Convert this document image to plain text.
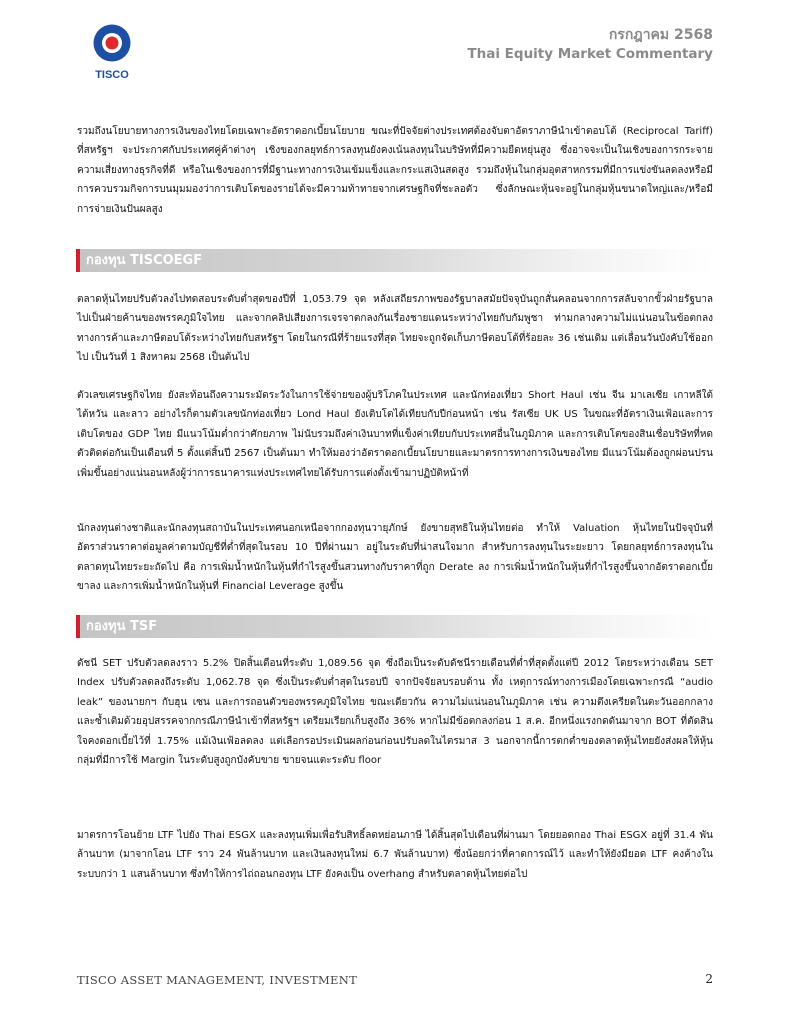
TISCO
กรกฎาคม 2568
Thai Equity Market Commentary

รวมถึงนโยบายทางการเงินของไทยโดยเฉพาะอัตราดอกเบี้ยนโยบาย ขณะที่ปัจจัยต่างประเทศต้องจับตาอัตราภาษีนำเข้าตอบโต้ (Reciprocal Tariff) ที่สหรัฐฯ จะประกาศกับประเทศคู่ค้าต่างๆ เชิงของกลยุทธ์การลงทุนยังคงเน้นลงทุนในบริษัทที่มีความยืดหยุ่นสูง ซึ่งอาจจะเป็นในเชิงของการกระจายความเสี่ยงทางธุรกิจที่ดี หรือในเชิงของการที่มีฐานะทางการเงินเข้มแข็งและกระแสเงินสดสูง รวมถึงหุ้นในกลุ่มอุตสาหกรรมที่มีการแข่งขันลดลงหรือมีการควบรวมกิจการบนมุมมองว่าการเติบโตของรายได้จะมีความท้าทายจากเศรษฐกิจที่ชะลอตัว ซึ่งลักษณะหุ้นจะอยู่ในกลุ่มหุ้นขนาดใหญ่และ/หรือมีการจ่ายเงินปันผลสูง

กองทุน TISCOEGF

ตลาดหุ้นไทยปรับตัวลงไปทดสอบระดับต่ำสุดของปีที่ 1,053.79 จุด หลังเสถียรภาพของรัฐบาลสมัยปัจจุบันถูกสั่นคลอนจากการสลับจากขั้วฝ่ายรัฐบาลไปเป็นฝ่ายค้านของพรรคภูมิใจไทย และจากคลิปเสียงการเจรจาตกลงกันเรื่องชายแดนระหว่างไทยกับกัมพูชา ท่ามกลางความไม่แน่นอนในข้อตกลงทางการค้าและภาษีตอบโต้ระหว่างไทยกับสหรัฐฯ โดยในกรณีที่ร้ายแรงที่สุด ไทยจะถูกจัดเก็บภาษีตอบโต้ที่ร้อยละ 36 เช่นเดิม แต่เลื่อนวันบังคับใช้ออกไป เป็นวันที่ 1 สิงหาคม 2568 เป็นต้นไป

ตัวเลขเศรษฐกิจไทย ยังสะท้อนถึงความระมัดระวังในการใช้จ่ายของผู้บริโภคในประเทศ และนักท่องเที่ยว Short Haul เช่น จีน มาเลเซีย เกาหลีใต้ ไต้หวัน และลาว อย่างไรก็ตามตัวเลขนักท่องเที่ยว Lond Haul ยังเติบโตได้เทียบกับปีก่อนหน้า เช่น รัสเซีย UK US ในขณะที่อัตราเงินเฟ้อและการเติบโตของ GDP ไทย มีแนวโน้มต่ำกว่าศักยภาพ ไม่นับรวมถึงค่าเงินบาทที่แข็งค่าเทียบกับประเทศอื่นในภูมิภาค และการเติบโตของสินเชื่อบริษัทที่หดตัวติดต่อกันเป็นเดือนที่ 5 ตั้งแต่สิ้นปี 2567 เป็นต้นมา ทำให้มองว่าอัตราดอกเบี้ยนโยบายและมาตรการทางการเงินของไทย มีแนวโน้มต้องถูกผ่อนปรนเพิ่มขึ้นอย่างแน่นอนหลังผู้ว่าการธนาคารแห่งประเทศไทยได้รับการแต่งตั้งเข้ามาปฏิบัติหน้าที่

นักลงทุนต่างชาติและนักลงทุนสถาบันในประเทศนอกเหนือจากกองทุนวายุภักษ์ ยังขายสุทธิในหุ้นไทยต่อ ทำให้ Valuation หุ้นไทยในปัจจุบันที่อัตราส่วนราคาต่อมูลค่าตามบัญชีที่ต่ำที่สุดในรอบ 10 ปีที่ผ่านมา อยู่ในระดับที่น่าสนใจมาก สำหรับการลงทุนในระยะยาว โดยกลยุทธ์การลงทุนในตลาดทุนไทยระยะถัดไป คือ การเพิ่มน้ำหนักในหุ้นที่กำไรสูงขึ้นสวนทางกับราคาที่ถูก Derate ลง การเพิ่มน้ำหนักในหุ้นที่กำไรสูงขึ้นจากอัตราดอกเบี้ยขาลง และการเพิ่มน้ำหนักในหุ้นที่ Financial Leverage สูงขึ้น

กองทุน TSF

ดัชนี SET ปรับตัวลดลงราว 5.2% ปิดสิ้นเดือนที่ระดับ 1,089.56 จุด ซึ่งถือเป็นระดับดัชนีรายเดือนที่ต่ำที่สุดตั้งแต่ปี 2012 โดยระหว่างเดือน SET Index ปรับตัวลดลงถึงระดับ 1,062.78 จุด ซึ่งเป็นระดับต่ำสุดในรอบปี จากปัจจัยลบรอบด้าน ทั้ง เหตุการณ์ทางการเมืองโดยเฉพาะกรณี “audio leak” ของนายกฯ กับฮุน เซน และการถอนตัวของพรรคภูมิใจไทย ขณะเดียวกัน ความไม่แน่นอนในภูมิภาค เช่น ความตึงเครียดในตะวันออกกลาง และซ้ำเติมด้วยอุปสรรคจากกรณีภาษีนำเข้าที่สหรัฐฯ เตรียมเรียกเก็บสูงถึง 36% หากไม่มีข้อตกลงก่อน 1 ส.ค. อีกหนึ่งแรงกดดันมาจาก BOT ที่ตัดสินใจคงดอกเบี้ยไว้ที่ 1.75% แม้เงินเฟ้อลดลง แต่เลือกรอประเมินผลก่อนก่อนปรับลดในไตรมาส 3 นอกจากนี้การตกต่ำของตลาดหุ้นไทยยังส่งผลให้หุ้นกลุ่มที่มีการใช้ Margin ในระดับสูงถูกบังคับขาย ขายจนแตะระดับ floor

มาตรการโอนย้าย LTF ไปยัง Thai ESGX และลงทุนเพิ่มเพื่อรับสิทธิ์ลดหย่อนภาษี ได้สิ้นสุดไปเดือนที่ผ่านมา โดยยอดกอง Thai ESGX อยู่ที่ 31.4 พันล้านบาท (มาจากโอน LTF ราว 24 พันล้านบาท และเงินลงทุนใหม่ 6.7 พันล้านบาท) ซึ่งน้อยกว่าที่คาดการณ์ไว้ และทำให้ยังมียอด LTF คงค้างในระบบกว่า 1 แสนล้านบาท ซึ่งทำให้การไถ่ถอนกองทุน LTF ยังคงเป็น overhang สำหรับตลาดหุ้นไทยต่อไป

TISCO ASSET MANAGEMENT, INVESTMENT	2
